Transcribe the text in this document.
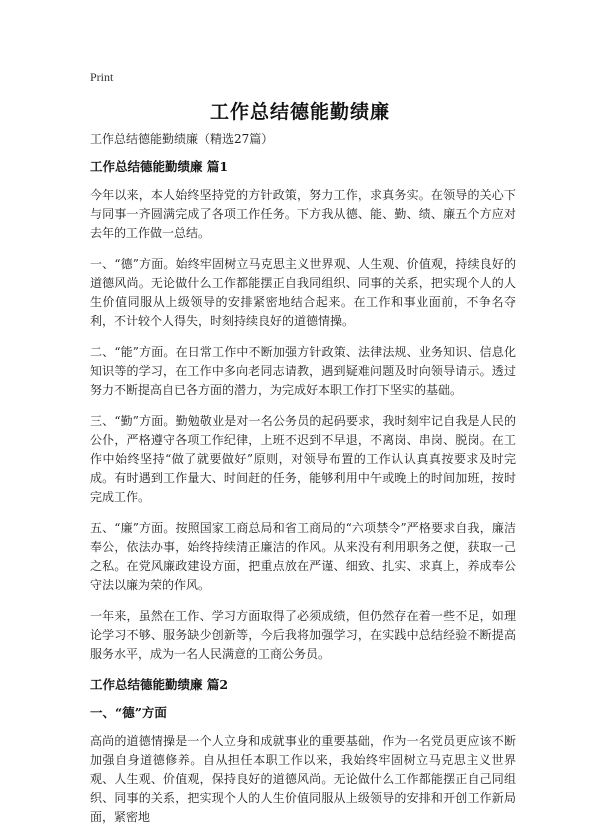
Print
工作总结德能勤绩廉

工作总结德能勤绩廉（精选27篇）

工作总结德能勤绩廉 篇1

今年以来，本人始终坚持党的方针政策，努力工作，求真务实。在领导的关心下与同事一齐圆满完成了各项工作任务。下方我从德、能、勤、绩、廉五个方应对去年的工作做一总结。

一、“德”方面。始终牢固树立马克思主义世界观、人生观、价值观，持续良好的道德风尚。无论做什么工作都能摆正自我同组织、同事的关系，把实现个人的人生价值同服从上级领导的安排紧密地结合起来。在工作和事业面前，不争名夺利，不计较个人得失，时刻持续良好的道德情操。

二、“能”方面。在日常工作中不断加强方针政策、法律法规、业务知识、信息化知识等的学习，在工作中多向老同志请教，遇到疑难问题及时向领导请示。透过努力不断提高自已各方面的潜力，为完成好本职工作打下坚实的基础。

三、“勤”方面。勤勉敬业是对一名公务员的起码要求，我时刻牢记自我是人民的公仆，严格遵守各项工作纪律，上班不迟到不早退，不离岗、串岗、脱岗。在工作中始终坚持“做了就要做好”原则，对领导布置的工作认认真真按要求及时完成。有时遇到工作量大、时间赶的任务，能够利用中午或晚上的时间加班，按时完成工作。

五、“廉”方面。按照国家工商总局和省工商局的“六项禁令”严格要求自我，廉洁奉公，依法办事，始终持续清正廉洁的作风。从来没有利用职务之便，获取一己之私。在党风廉政建设方面，把重点放在严谨、细致、扎实、求真上，养成奉公守法以廉为荣的作风。

一年来，虽然在工作、学习方面取得了必须成绩，但仍然存在着一些不足，如理论学习不够、服务缺少创新等，今后我将加强学习，在实践中总结经验不断提高服务水平，成为一名人民满意的工商公务员。

工作总结德能勤绩廉 篇2

一、“德”方面

高尚的道德情操是一个人立身和成就事业的重要基础，作为一名党员更应该不断加强自身道德修养。自从担任本职工作以来，我始终牢固树立马克思主义世界观、人生观、价值观，保持良好的道德风尚。无论做什么工作都能摆正自己同组织、同事的关系，把实现个人的人生价值同服从上级领导的安排和开创工作新局面，紧密地
